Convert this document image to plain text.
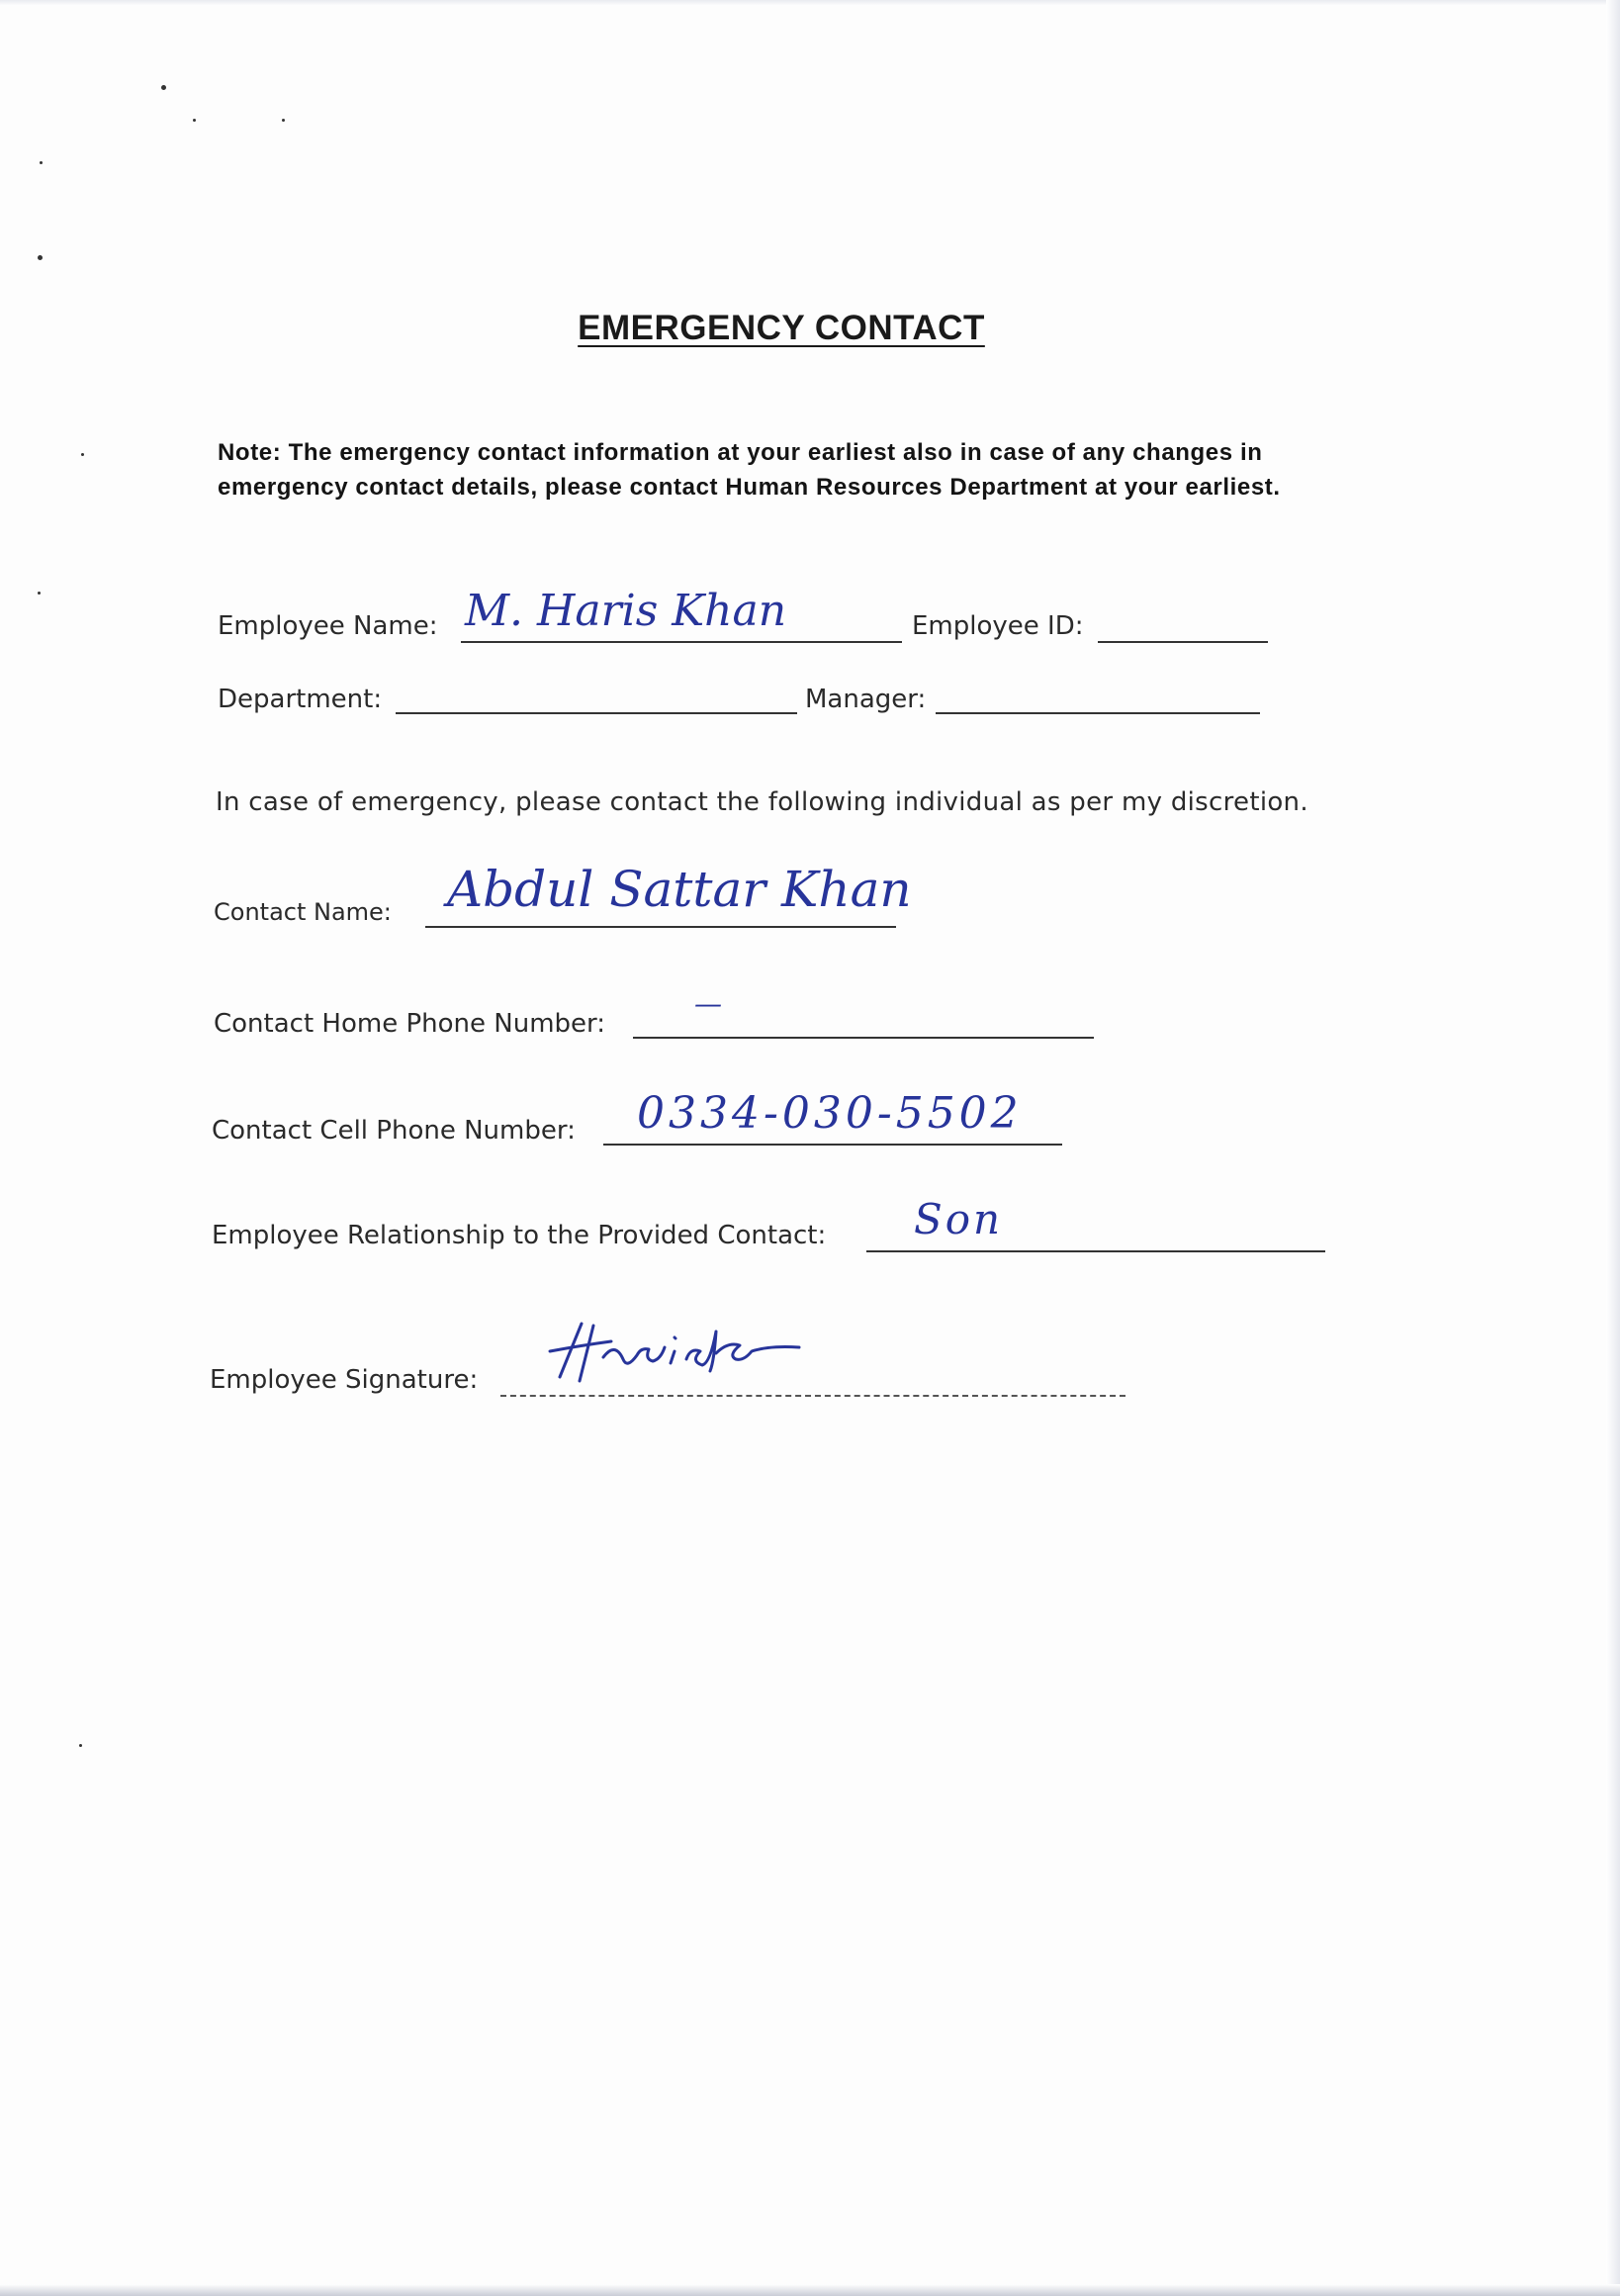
EMERGENCY CONTACT
Note: The emergency contact information at your earliest also in case of any changes in emergency contact details, please contact Human Resources Department at your earliest.
Employee Name: M. Haris Khan	Employee ID:
Department:	Manager:
In case of emergency, please contact the following individual as per my discretion.
Contact Name: Abdul Sattar Khan
Contact Home Phone Number:
—
Contact Cell Phone Number: 0334-030-5502
Employee Relationship to the Provided Contact: Son
Employee Signature:
